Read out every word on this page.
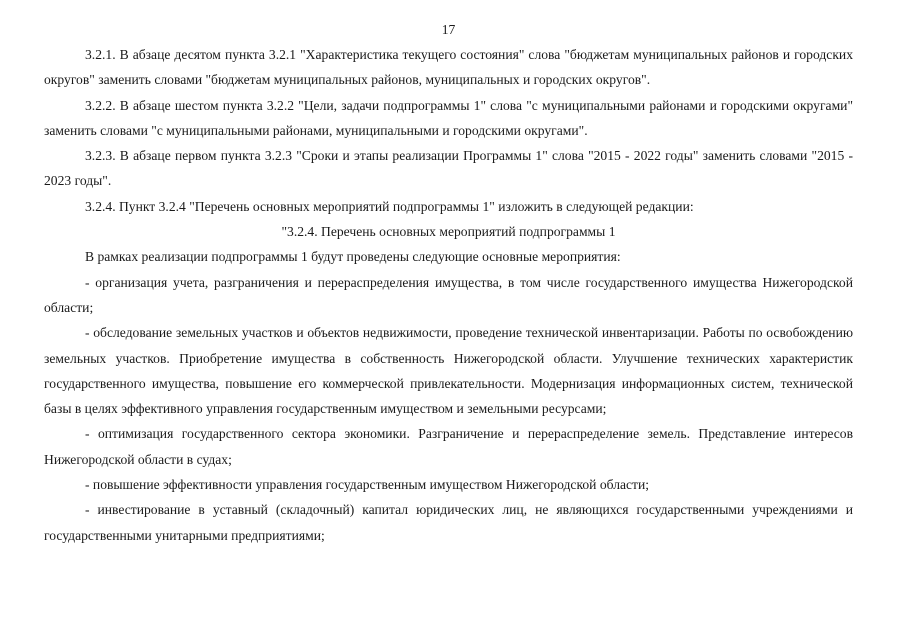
17

3.2.1. В абзаце десятом пункта 3.2.1 "Характеристика текущего состояния" слова "бюджетам муниципальных районов и городских округов" заменить словами "бюджетам муниципальных районов, муниципальных и городских округов".

3.2.2. В абзаце шестом пункта 3.2.2 "Цели, задачи подпрограммы 1" слова "с муниципальными районами и городскими округами" заменить словами "с муниципальными районами, муниципальными и городскими округами".

3.2.3. В абзаце первом пункта 3.2.3 "Сроки и этапы реализации Программы 1" слова "2015 - 2022 годы" заменить словами "2015 - 2023 годы".

3.2.4. Пункт 3.2.4 "Перечень основных мероприятий подпрограммы 1" изложить в следующей редакции:

"3.2.4. Перечень основных мероприятий подпрограммы 1

В рамках реализации подпрограммы 1 будут проведены следующие основные мероприятия:

- организация учета, разграничения и перераспределения имущества, в том числе государственного имущества Нижегородской области;

- обследование земельных участков и объектов недвижимости, проведение технической инвентаризации. Работы по освобождению земельных участков. Приобретение имущества в собственность Нижегородской области. Улучшение технических характеристик государственного имущества, повышение его коммерческой привлекательности. Модернизация информационных систем, технической базы в целях эффективного управления государственным имуществом и земельными ресурсами;

- оптимизация государственного сектора экономики. Разграничение и перераспределение земель. Представление интересов Нижегородской области в судах;

- повышение эффективности управления государственным имуществом Нижегородской области;

- инвестирование в уставный (складочный) капитал юридических лиц, не являющихся государственными учреждениями и государственными унитарными предприятиями;
